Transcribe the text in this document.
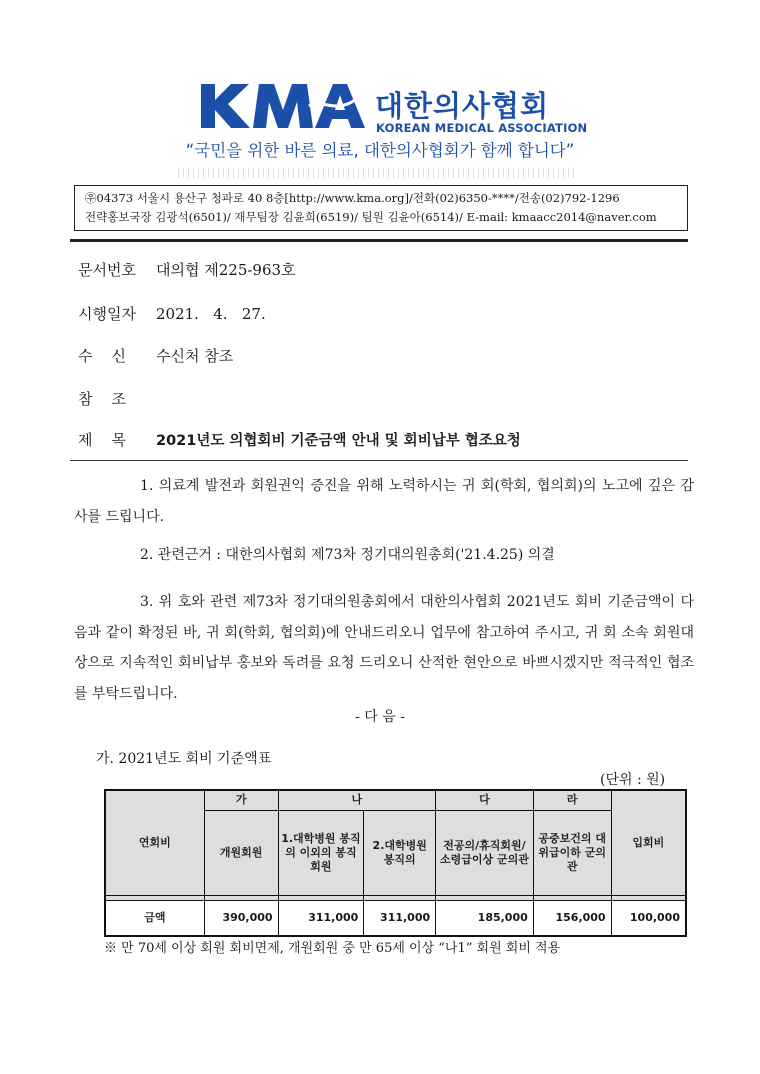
대한의사협회
KOREAN MEDICAL ASSOCIATION
“국민을 위한 바른 의료, 대한의사협회가 함께 합니다”
㉾04373 서울시 용산구 청파로 40 8층[http://www.kma.org]/전화(02)6350-****/전송(02)792-1296
전략홍보국장 김광석(6501)/ 재무팀장 김윤희(6519)/ 팀원 김윤아(6514)/ E-mail: kmaacc2014@naver.com
문서번호 대의협 제225-963호
시행일자 2021.   4.   27.
수    신 수신처 참조
참    조
제    목 2021년도 의협회비 기준금액 안내 및 회비납부 협조요청
1. 의료계 발전과 회원권익 증진을 위해 노력하시는 귀 회(학회, 협의회)의 노고에 깊은 감사를 드립니다.
2. 관련근거 : 대한의사협회 제73차 정기대의원총회('21.4.25) 의결
3. 위 호와 관련 제73차 정기대의원총회에서 대한의사협회 2021년도 회비 기준금액이 다음과 같이 확정된 바, 귀 회(학회, 협의회)에 안내드리오니 업무에 참고하여 주시고, 귀 회 소속 회원대상으로 지속적인 회비납부 홍보와 독려를 요청 드리오니 산적한 현안으로 바쁘시겠지만 적극적인 협조를 부탁드립니다.
- 다 음 -
가. 2021년도 회비 기준액표
(단위 : 원)
연회비	가	나		다	라	입회비
	개원회원	1.대학병원 봉직의 이외의 봉직회원	2.대학병원 봉직의	전공의/휴직회원/ 소령급이상 군의관	공중보건의 대위급이하 군의관	

금액	390,000	311,000	311,000	185,000	156,000	100,000
※ 만 70세 이상 회원 회비면제, 개원회원 중 만 65세 이상 “나1” 회원 회비 적용
